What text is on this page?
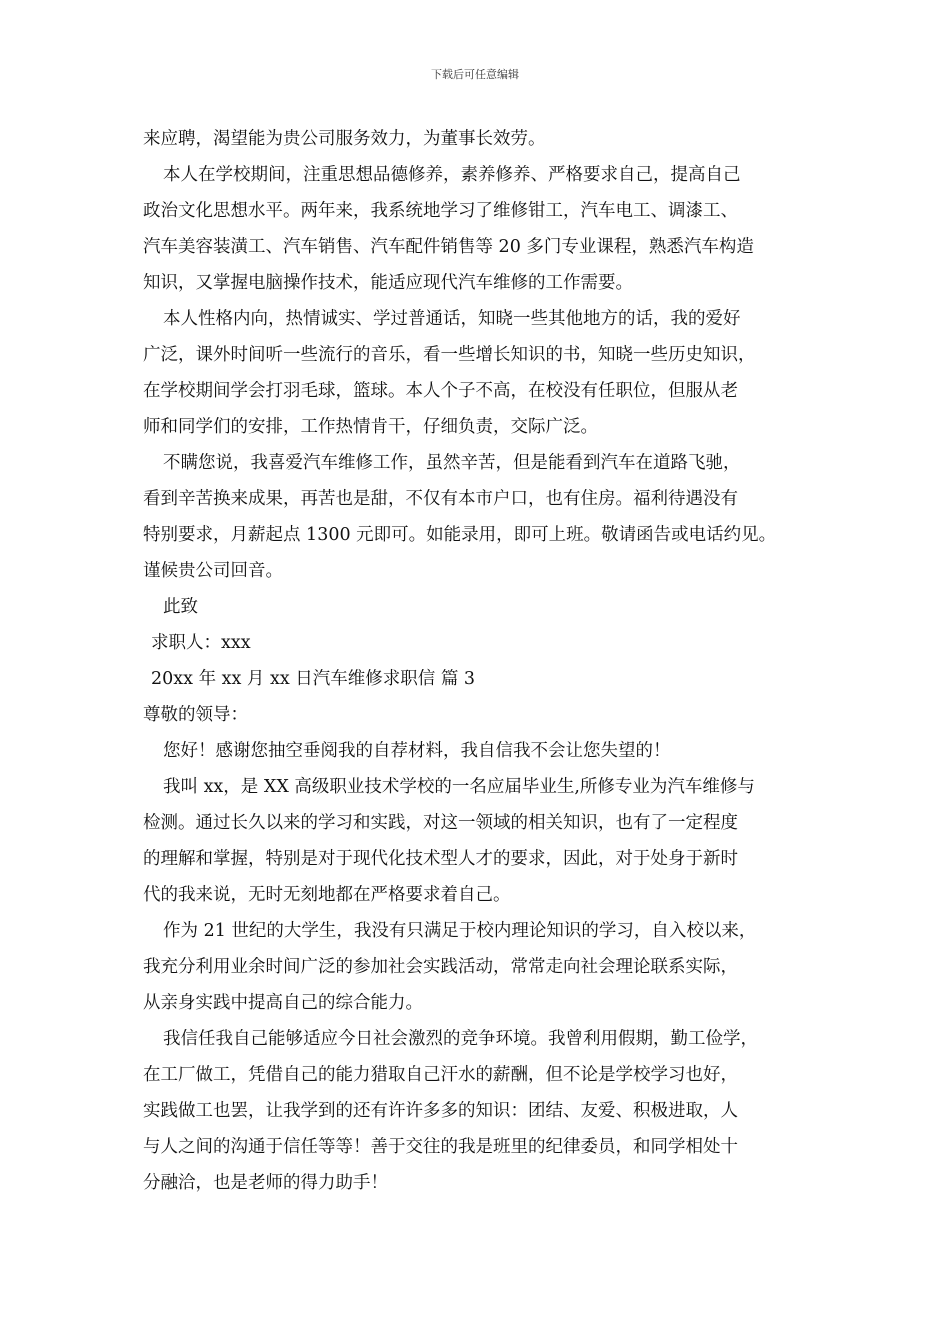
下载后可任意编辑
来应聘，渴望能为贵公司服务效力，为董事长效劳。
本人在学校期间，注重思想品德修养，素养修养、严格要求自己，提高自己
政治文化思想水平。两年来，我系统地学习了维修钳工，汽车电工、调漆工、
汽车美容装潢工、汽车销售、汽车配件销售等 20 多门专业课程，熟悉汽车构造
知识，又掌握电脑操作技术，能适应现代汽车维修的工作需要。
本人性格内向，热情诚实、学过普通话，知晓一些其他地方的话，我的爱好
广泛，课外时间听一些流行的音乐，看一些增长知识的书，知晓一些历史知识，
在学校期间学会打羽毛球，篮球。本人个子不高，在校没有任职位，但服从老
师和同学们的安排，工作热情肯干，仔细负责，交际广泛。
不瞒您说，我喜爱汽车维修工作，虽然辛苦，但是能看到汽车在道路飞驰，
看到辛苦换来成果，再苦也是甜，不仅有本市户口，也有住房。福利待遇没有
特别要求，月薪起点 1300 元即可。如能录用，即可上班。敬请函告或电话约见。
谨候贵公司回音。
此致
求职人：xxx
20xx 年 xx 月 xx 日汽车维修求职信 篇 3
尊敬的领导：
您好！感谢您抽空垂阅我的自荐材料，我自信我不会让您失望的！
我叫 xx，是 XX 高级职业技术学校的一名应届毕业生,所修专业为汽车维修与
检测。通过长久以来的学习和实践，对这一领域的相关知识，也有了一定程度
的理解和掌握，特别是对于现代化技术型人才的要求，因此，对于处身于新时
代的我来说，无时无刻地都在严格要求着自己。
作为 21 世纪的大学生，我没有只满足于校内理论知识的学习，自入校以来，
我充分利用业余时间广泛的参加社会实践活动，常常走向社会理论联系实际，
从亲身实践中提高自己的综合能力。
我信任我自己能够适应今日社会激烈的竞争环境。我曾利用假期，勤工俭学，
在工厂做工，凭借自己的能力猎取自己汗水的薪酬，但不论是学校学习也好，
实践做工也罢，让我学到的还有许许多多的知识：团结、友爱、积极进取，人
与人之间的沟通于信任等等！善于交往的我是班里的纪律委员，和同学相处十
分融洽，也是老师的得力助手！
